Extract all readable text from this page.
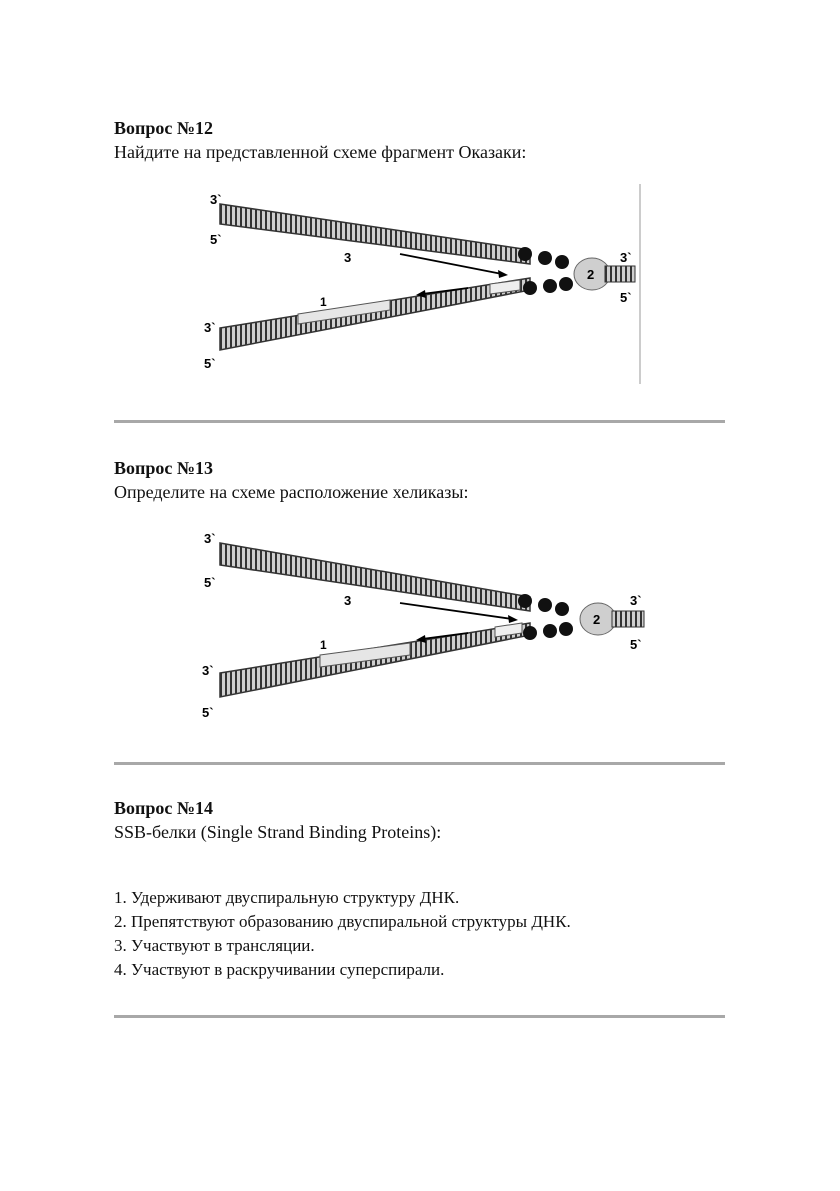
Вопрос №12

Найдите на представленной схеме фрагмент Оказаки:

3`
5`
3
1
2
3`
5`
3`
5`
Вопрос №13

Определите на схеме расположение хеликазы:

3`
5`
3
1
2
3`
5`
3`
5`
Вопрос №14

SSB-белки (Single Strand Binding Proteins):

1. Удерживают двуспиральную структуру ДНК.
2. Препятствуют образованию двуспиральной структуры ДНК.
3. Участвуют в трансляции.
4. Участвуют в раскручивании суперспирали.
